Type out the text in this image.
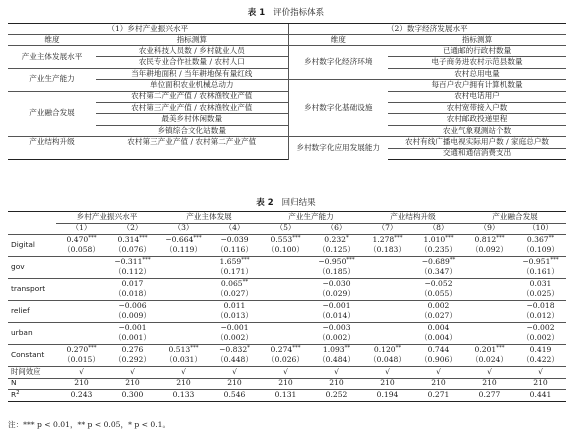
表 1 评价指标体系
（1）乡村产业振兴水平		（2）数字经济发展水平	
维度	指标测算	维度	指标测算
产业主体发展水平	农业科技人员数 / 乡村就业人员	乡村数字化经济环境	已通邮的行政村数量
	农民专业合作社数量 / 农村人口		电子商务进农村示范县数量
产业生产能力	当年耕地面积 / 当年耕地保有量红线		农村总用电量
	单位面积农业机械总动力	乡村数字化基础设施	每百户农户拥有计算机数量
产业融合发展	农村第二产业产值 / 农林渔牧业产值		农村电话用户
	农村第三产业产值 / 农林渔牧业产值		农村宽带接入户数
	最美乡村休闲数量		农村邮政投递里程
	乡镇综合文化站数量		农业气象观测站个数
产业结构升级	农村第三产业产值 / 农村第二产业产值	乡村数字化应用发展能力	农村有线广播电视实际用户数 / 家庭总户数
			交通和通信消费支出
表 2 回归结果
	乡村产业振兴水平		产业主体发展		产业生产能力		产业结构升级		产业融合发展	
	（1）	（2）	（3）	（4）	（5）	（6）	（7）	（8）	（9）	（10）
Digital	0.470***	0.314***	−0.664***	−0.039	0.553***	0.232*	1.278***	1.010***	0.812***	0.367**
	（0.058）	（0.076）	（0.119）	（0.116）	（0.100）	（0.125）	（0.183）	（0.235）	（0.092）	（0.109）
gov		−0.311***		1.659***		−0.950***		−0.689**		−0.951***
		（0.112）		（0.171）		（0.185）		（0.347）		（0.161）
transport		0.017		0.065**		−0.030		−0.052		0.031
		（0.018）		（0.027）		（0.029）		（0.055）		（0.025）
relief		−0.006		0.011		−0.001		0.002		−0.018
		（0.009）		（0.013）		（0.014）		（0.027）		（0.012）
urban		−0.001		−0.001		−0.003		0.004		−0.002
		（0.001）		（0.002）		（0.002）		（0.004）		（0.002）
Constant	0.270***	0.276	0.513***	−0.832*	0.274***	1.093**	0.120**	0.744	0.201***	0.419
	（0.015）	（0.292）	（0.031）	（0.448）	（0.026）	（0.484）	（0.048）	（0.906）	（0.024）	（0.422）
时间效应	√	√	√	√	√	√	√	√	√	√
N	210	210	210	210	210	210	210	210	210	210
$R^2$	0.243	0.300	0.133	0.546	0.131	0.252	0.194	0.271	0.277	0.441
注：*** p < 0.01，** p < 0.05，* p < 0.1。
